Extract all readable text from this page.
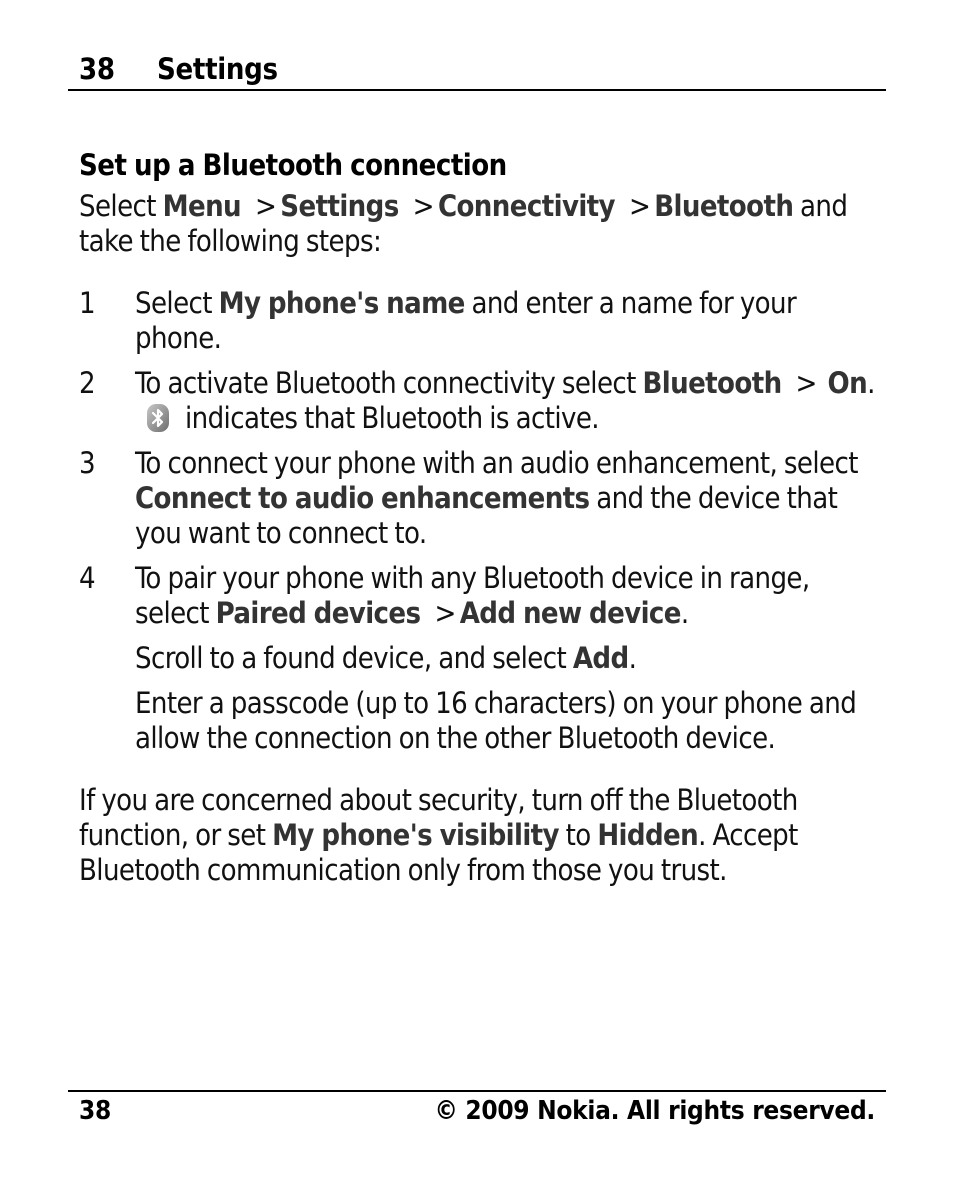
38 Settings
Set up a Bluetooth connection

Select Menu > Settings > Connectivity > Bluetooth and take the following steps:

1 Select My phone's name and enter a name for your phone.

2 To activate Bluetooth connectivity select Bluetooth > On.indicates that Bluetooth is active.

3 To connect your phone with an audio enhancement, select Connect to audio enhancements and the device that you want to connect to.

4 To pair your phone with any Bluetooth device in range, select Paired devices > Add new device.

Scroll to a found device, and select Add.

Enter a passcode (up to 16 characters) on your phone and allow the connection on the other Bluetooth device.

If you are concerned about security, turn off the Bluetooth function, or set My phone's visibility to Hidden. Accept Bluetooth communication only from those you trust.

38	© 2009 Nokia. All rights reserved.
